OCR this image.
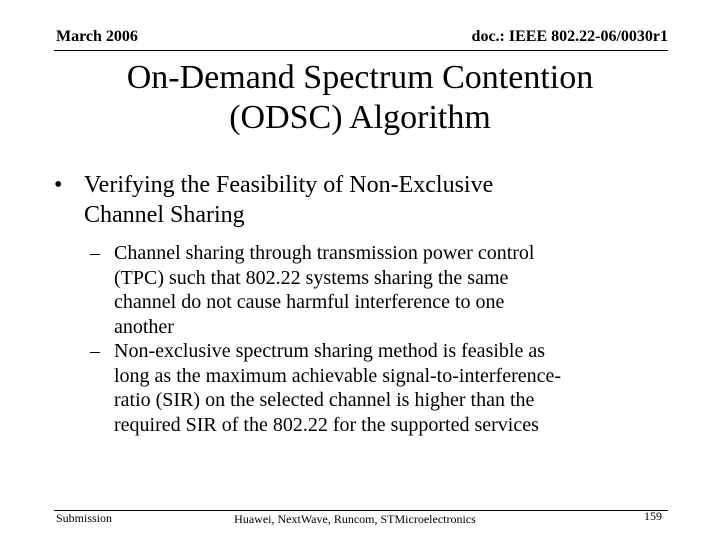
March 2006	doc.: IEEE 802.22-06/0030r1
On-Demand Spectrum Contention
(ODSC) Algorithm
• Verifying the Feasibility of Non-Exclusive
Channel Sharing
– Channel sharing through transmission power control
(TPC) such that 802.22 systems sharing the same
channel do not cause harmful interference to one
another
– Non-exclusive spectrum sharing method is feasible as
long as the maximum achievable signal-to-interference-
ratio (SIR) on the selected channel is higher than the
required SIR of the 802.22 for the supported services
Submission	Huawei, NextWave, Runcom, STMicroelectronics	159
